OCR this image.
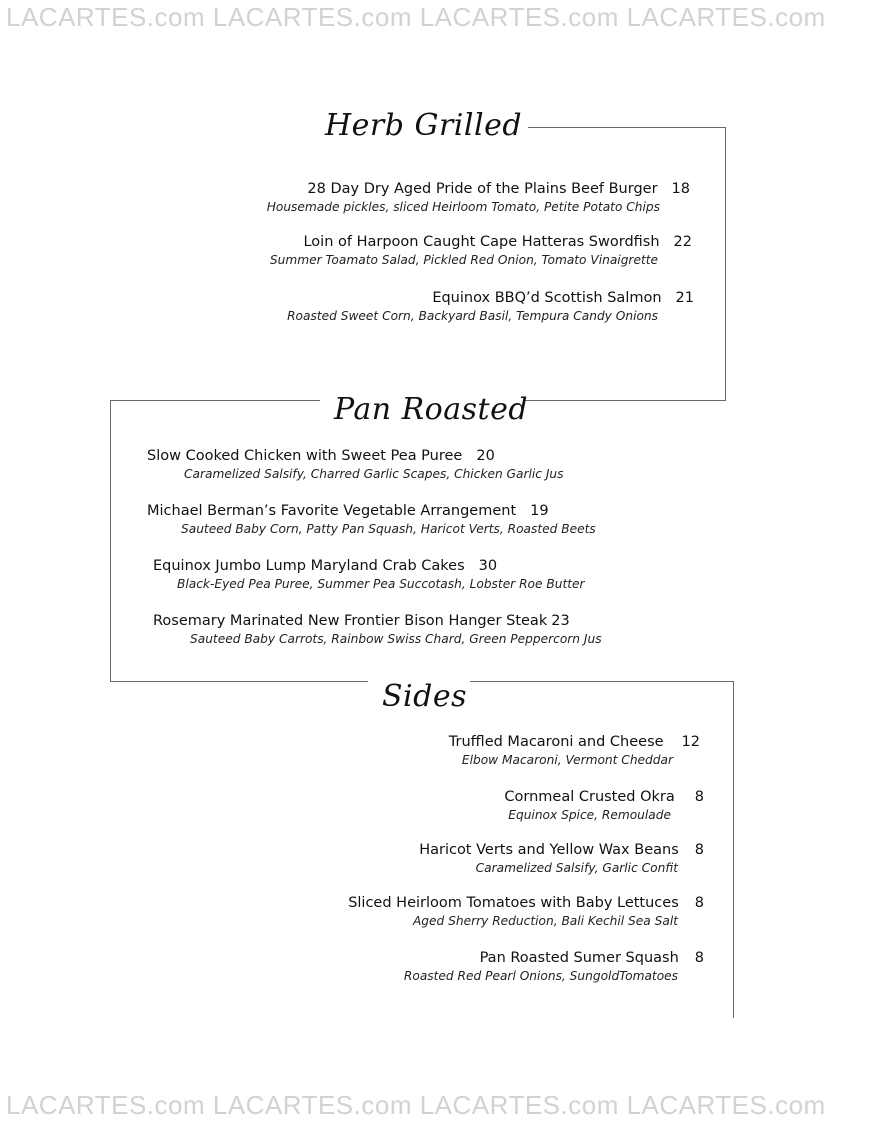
LACARTES.com LACARTES.com LACARTES.com LACARTES.com
LACARTES.com LACARTES.com LACARTES.com LACARTES.com
Herb Grilled
28 Day Dry Aged Pride of the Plains Beef Burger 18
Housemade pickles, sliced Heirloom Tomato, Petite Potato Chips
Loin of Harpoon Caught Cape Hatteras Swordfish 22
Summer Toamato Salad, Pickled Red Onion, Tomato Vinaigrette
Equinox BBQ’d Scottish Salmon 21
Roasted Sweet Corn, Backyard Basil, Tempura Candy Onions
Pan Roasted
Slow Cooked Chicken with Sweet Pea Puree 20
Caramelized Salsify, Charred Garlic Scapes, Chicken Garlic Jus
Michael Berman’s Favorite Vegetable Arrangement 19
Sauteed Baby Corn, Patty Pan Squash, Haricot Verts, Roasted Beets
Equinox Jumbo Lump Maryland Crab Cakes 30
Black-Eyed Pea Puree, Summer Pea Succotash, Lobster Roe Butter
Rosemary Marinated New Frontier Bison Hanger Steak 23
Sauteed Baby Carrots, Rainbow Swiss Chard, Green Peppercorn Jus
Sides
Truffled Macaroni and Cheese 12
Elbow Macaroni, Vermont Cheddar
Cornmeal Crusted Okra 8
Equinox Spice, Remoulade
Haricot Verts and Yellow Wax Beans 8
Caramelized Salsify, Garlic Confit
Sliced Heirloom Tomatoes with Baby Lettuces 8
Aged Sherry Reduction, Bali Kechil Sea Salt
Pan Roasted Sumer Squash 8
Roasted Red Pearl Onions, SungoldTomatoes
